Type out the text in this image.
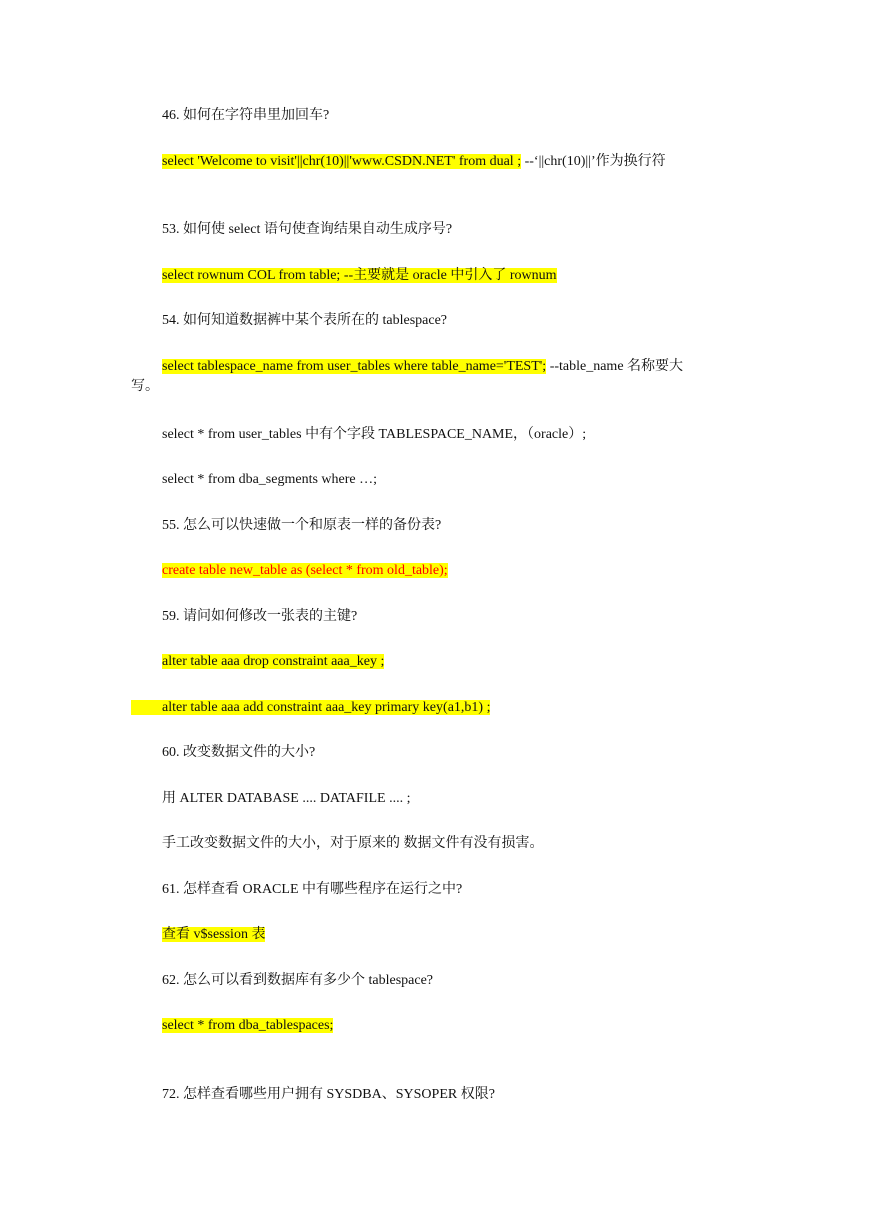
46. 如何在字符串里加回车?
select 'Welcome to visit'||chr(10)||'www.CSDN.NET' from dual ; --‘||chr(10)||’作为换行符
53. 如何使 select 语句使查询结果自动生成序号?
select rownum COL from table; --主要就是 oracle 中引入了 rownum
54. 如何知道数据裤中某个表所在的 tablespace?
select tablespace_name from user_tables where table_name='TEST'; --table_name 名称要大
写。
select * from user_tables 中有个字段 TABLESPACE_NAME，（oracle）;
select * from dba_segments where …;
55. 怎么可以快速做一个和原表一样的备份表?
create table new_table as (select * from old_table);
59. 请问如何修改一张表的主键?
alter table aaa drop constraint aaa_key ;
alter table aaa add constraint aaa_key primary key(a1,b1) ;
60. 改变数据文件的大小?
用 ALTER DATABASE .... DATAFILE .... ;
手工改变数据文件的大小，对于原来的 数据文件有没有损害。
61. 怎样查看 ORACLE 中有哪些程序在运行之中?
查看 v$session 表
62. 怎么可以看到数据库有多少个 tablespace?
select * from dba_tablespaces;
72. 怎样查看哪些用户拥有 SYSDBA、SYSOPER 权限?
